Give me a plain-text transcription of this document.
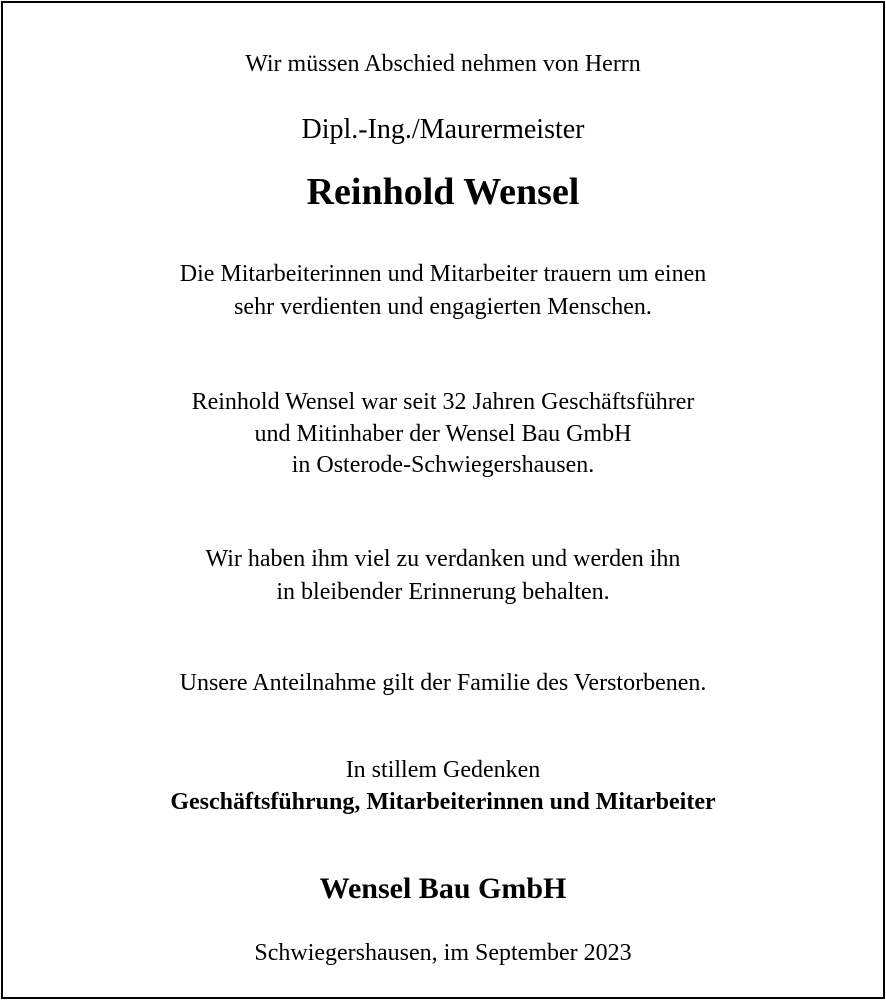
Wir müssen Abschied nehmen von Herrn
Dipl.-Ing./Maurermeister
Reinhold Wensel
Die Mitarbeiterinnen und Mitarbeiter trauern um einen
sehr verdienten und engagierten Menschen.
Reinhold Wensel war seit 32 Jahren Geschäftsführer
und Mitinhaber der Wensel Bau GmbH
in Osterode-Schwiegershausen.
Wir haben ihm viel zu verdanken und werden ihn
in bleibender Erinnerung behalten.
Unsere Anteilnahme gilt der Familie des Verstorbenen.
In stillem Gedenken
Geschäftsführung, Mitarbeiterinnen und Mitarbeiter
Wensel Bau GmbH
Schwiegershausen, im September 2023
